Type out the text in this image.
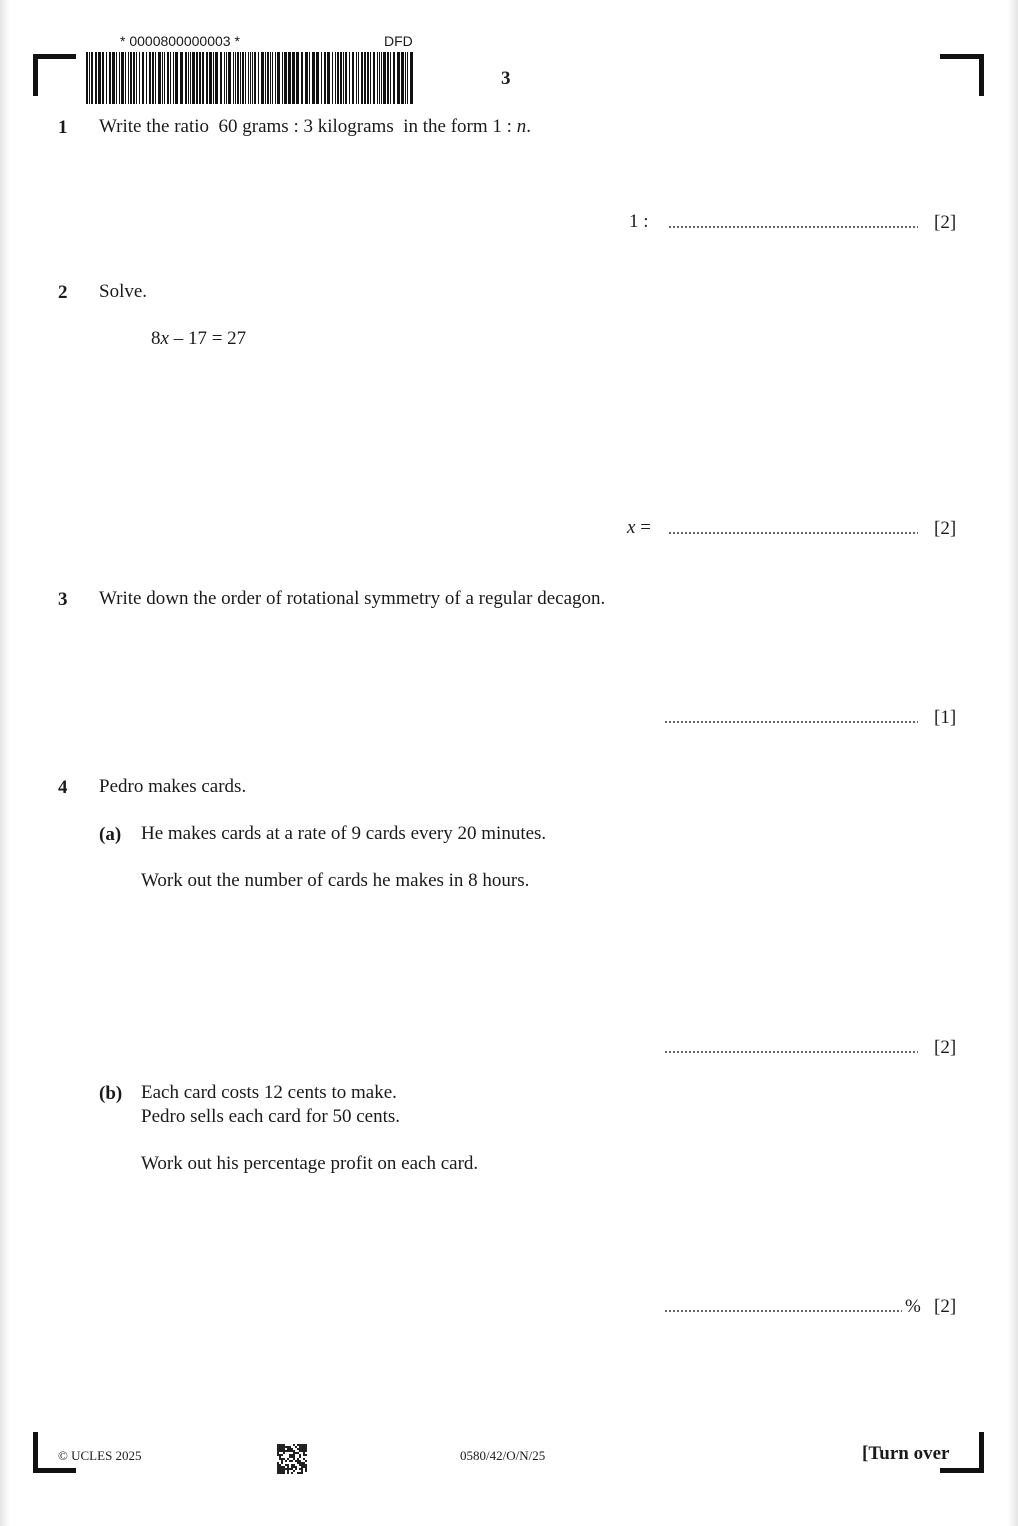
* 0000800000003 *	DFD
3
1 Write the ratio  60 grams : 3 kilograms  in the form 1 : n.
1 :	[2]
2 Solve.
8x – 17 = 27
x =	[2]
3 Write down the order of rotational symmetry of a regular decagon.
[1]
4 Pedro makes cards.
(a) He makes cards at a rate of 9 cards every 20 minutes.
Work out the number of cards he makes in 8 hours.
[2]
(b) Each card costs 12 cents to make.
Pedro sells each card for 50 cents.
Work out his percentage profit on each card.
% [2]
© UCLES 2025	0580/42/O/N/25	[Turn over
